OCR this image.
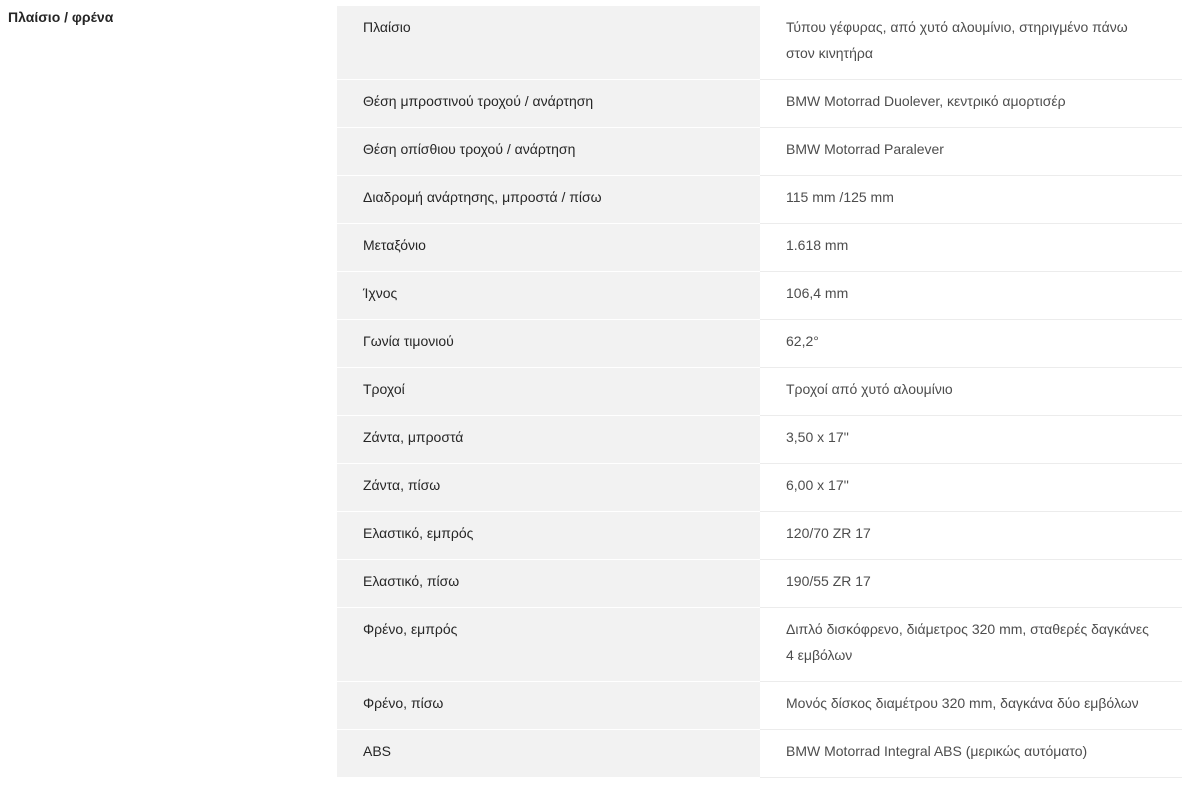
Πλαίσιο / φρένα
Πλαίσιο	Τύπου γέφυρας, από χυτό αλουμίνιο, στηριγμένο πάνω στον κινητήρα
Θέση μπροστινού τροχού / ανάρτηση	BMW Motorrad Duolever, κεντρικό αμορτισέρ
Θέση οπίσθιου τροχού / ανάρτηση	BMW Motorrad Paralever
Διαδρομή ανάρτησης, μπροστά / πίσω	115 mm /125 mm
Μεταξόνιο	1.618 mm
Ίχνος	106,4 mm
Γωνία τιμονιού	62,2°
Τροχοί	Τροχοί από χυτό αλουμίνιο
Ζάντα, μπροστά	3,50 x 17''
Ζάντα, πίσω	6,00 x 17''
Ελαστικό, εμπρός	120/70 ZR 17
Ελαστικό, πίσω	190/55 ZR 17
Φρένο, εμπρός	Διπλό δισκόφρενο, διάμετρος 320 mm, σταθερές δαγκάνες 4 εμβόλων
Φρένο, πίσω	Μονός δίσκος διαμέτρου 320 mm, δαγκάνα δύο εμβόλων
ABS	BMW Motorrad Integral ABS (μερικώς αυτόματο)
